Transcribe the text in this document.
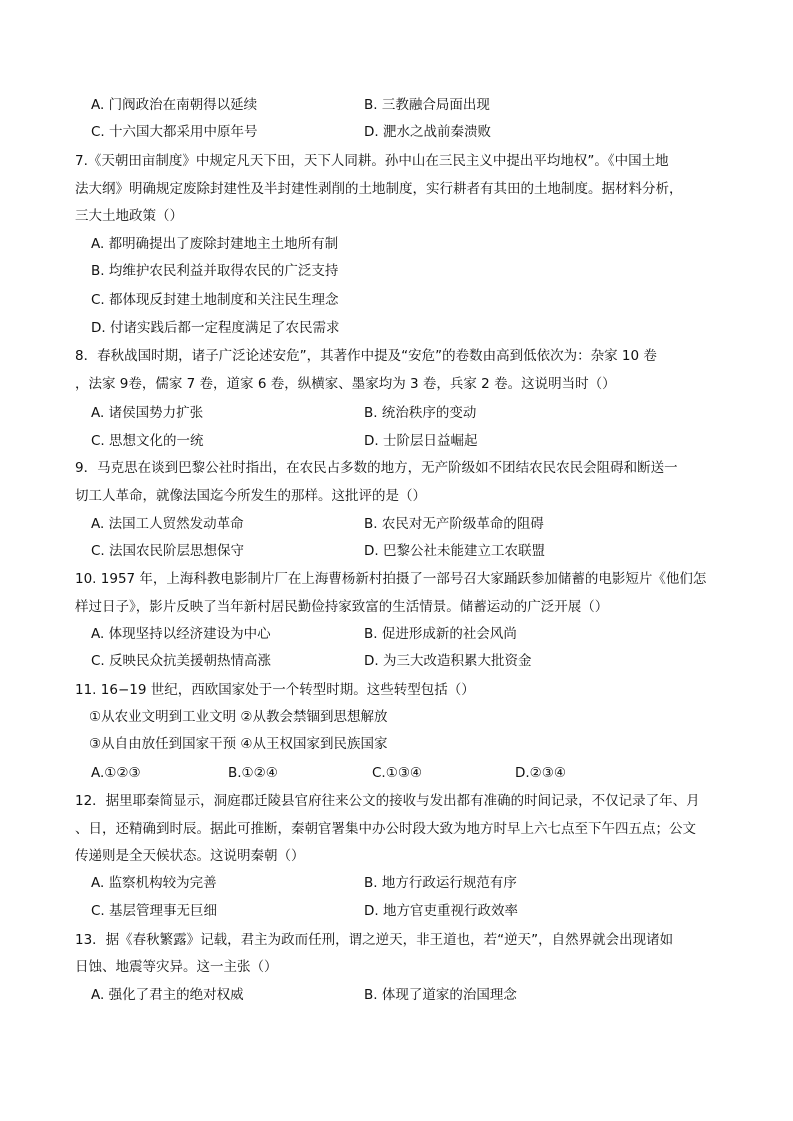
A. 门阀政治在南朝得以延续	B. 三教融合局面出现
C. 十六国大都采用中原年号	D. 淝水之战前秦溃败
7.《天朝田亩制度》中规定凡天下田，天下人同耕。孙中山在三民主义中提出平均地权”。《中国土地
法大纲》明确规定废除封建性及半封建性剥削的土地制度，实行耕者有其田的土地制度。据材料分析，
三大土地政策（）
A. 都明确提出了废除封建地主土地所有制
B. 均维护农民利益并取得农民的广泛支持
C. 都体现反封建土地制度和关注民生理念
D. 付诸实践后都一定程度满足了农民需求
8．春秋战国时期，诸子广泛论述安危”，其著作中提及“安危”的卷数由高到低依次为：杂家 10 卷
，法家 9卷，儒家 7 卷，道家 6 卷，纵横家、墨家均为 3 卷，兵家 2 卷。这说明当时（）
A. 诸侯国势力扩张	B. 统治秩序的变动
C. 思想文化的一统	D. 士阶层日益崛起
9．马克思在谈到巴黎公社时指出，在农民占多数的地方，无产阶级如不团结农民农民会阻碍和断送一
切工人革命，就像法国迄今所发生的那样。这批评的是（）
A. 法国工人贸然发动革命	B. 农民对无产阶级革命的阻碍
C. 法国农民阶层思想保守	D. 巴黎公社未能建立工农联盟
10. 1957 年，上海科教电影制片厂在上海曹杨新村拍摄了一部号召大家踊跃参加储蓄的电影短片《他们怎
样过日子》，影片反映了当年新村居民勤俭持家致富的生活情景。储蓄运动的广泛开展（）
A. 体现坚持以经济建设为中心	B. 促进形成新的社会风尚
C. 反映民众抗美援朝热情高涨	D. 为三大改造积累大批资金
11. 16−19 世纪，西欧国家处于一个转型时期。这些转型包括（）
①从农业文明到工业文明 ②从教会禁锢到思想解放
③从自由放任到国家干预 ④从王权国家到民族国家
A.①②③	B.①②④	C.①③④	D.②③④
12．据里耶秦简显示，洞庭郡迁陵县官府往来公文的接收与发出都有准确的时间记录，不仅记录了年、月
、日，还精确到时辰。据此可推断，秦朝官署集中办公时段大致为地方时早上六七点至下午四五点；公文
传递则是全天候状态。这说明秦朝（）
A. 监察机构较为完善	B. 地方行政运行规范有序
C. 基层管理事无巨细	D. 地方官吏重视行政效率
13．据《春秋繁露》记载，君主为政而任刑，谓之逆天，非王道也，若“逆天”，自然界就会出现诸如
日蚀、地震等灾异。这一主张（）
A. 强化了君主的绝对权威	B. 体现了道家的治国理念
